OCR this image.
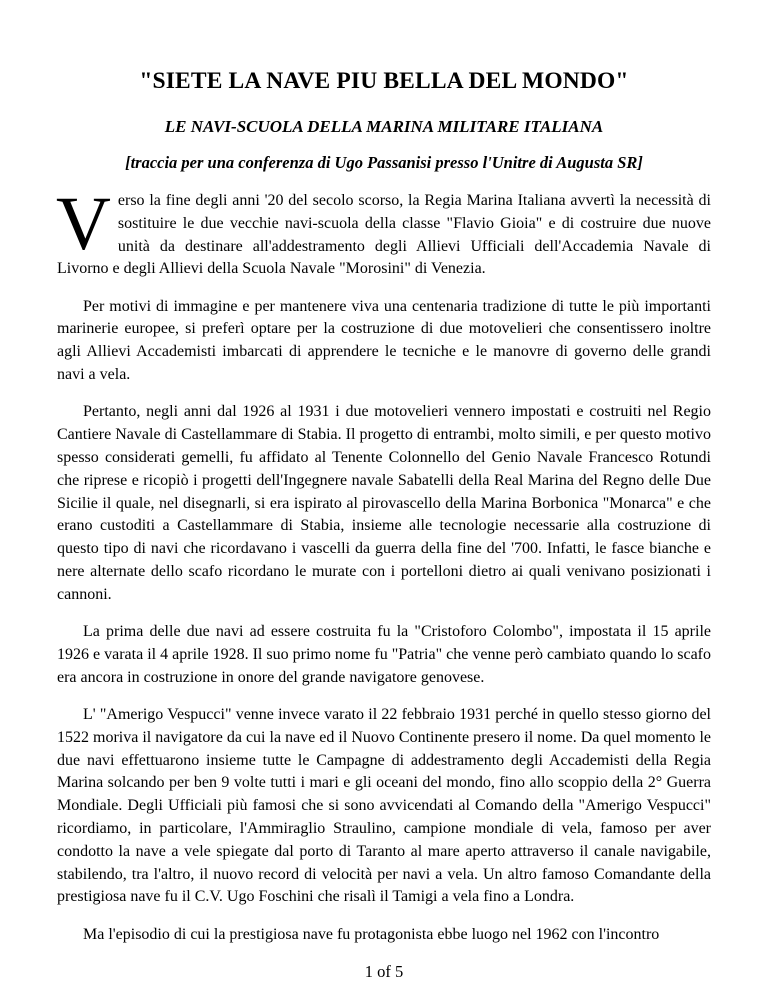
"SIETE LA NAVE PIU BELLA DEL MONDO"
LE NAVI-SCUOLA DELLA MARINA MILITARE ITALIANA
[traccia per una conferenza di Ugo Passanisi presso l'Unitre di Augusta SR]

Verso la fine degli anni '20 del secolo scorso, la Regia Marina Italiana avvertì la necessità di sostituire le due vecchie navi-scuola della classe "Flavio Gioia" e di costruire due nuove unità da destinare all'addestramento degli Allievi Ufficiali dell'Accademia Navale di Livorno e degli Allievi della Scuola Navale "Morosini" di Venezia.

Per motivi di immagine e per mantenere viva una centenaria tradizione di tutte le più importanti marinerie europee, si preferì optare per la costruzione di due motovelieri che consentissero inoltre agli Allievi Accademisti imbarcati di apprendere le tecniche e le manovre di governo delle grandi navi a vela.

Pertanto, negli anni dal 1926 al 1931 i due motovelieri vennero impostati e costruiti nel Regio Cantiere Navale di Castellammare di Stabia. Il progetto di entrambi, molto simili, e per questo motivo spesso considerati gemelli, fu affidato al Tenente Colonnello del Genio Navale Francesco Rotundi che riprese e ricopiò i progetti dell'Ingegnere navale Sabatelli della Real Marina del Regno delle Due Sicilie il quale, nel disegnarli, si era ispirato al pirovascello della Marina Borbonica "Monarca" e che erano custoditi a Castellammare di Stabia, insieme alle tecnologie necessarie alla costruzione di questo tipo di navi che ricordavano i vascelli da guerra della fine del '700. Infatti, le fasce bianche e nere alternate dello scafo ricordano le murate con i portelloni dietro ai quali venivano posizionati i cannoni.

La prima delle due navi ad essere costruita fu la "Cristoforo Colombo", impostata il 15 aprile 1926 e varata il 4 aprile 1928. Il suo primo nome fu "Patria" che venne però cambiato quando lo scafo era ancora in costruzione in onore del grande navigatore genovese.

L' "Amerigo Vespucci" venne invece varato il 22 febbraio 1931 perché in quello stesso giorno del 1522 moriva il navigatore da cui la nave ed il Nuovo Continente presero il nome. Da quel momento le due navi effettuarono insieme tutte le Campagne di addestramento degli Accademisti della Regia Marina solcando per ben 9 volte tutti i mari e gli oceani del mondo, fino allo scoppio della 2° Guerra Mondiale. Degli Ufficiali più famosi che si sono avvicendati al Comando della "Amerigo Vespucci" ricordiamo, in particolare, l'Ammiraglio Straulino, campione mondiale di vela, famoso per aver condotto la nave a vele spiegate dal porto di Taranto al mare aperto attraverso il canale navigabile, stabilendo, tra l'altro, il nuovo record di velocità per navi a vela. Un altro famoso Comandante della prestigiosa nave fu il C.V. Ugo Foschini che risalì il Tamigi a vela fino a Londra.

Ma l'episodio di cui la prestigiosa nave fu protagonista ebbe luogo nel 1962 con l'incontro

1 of 5
